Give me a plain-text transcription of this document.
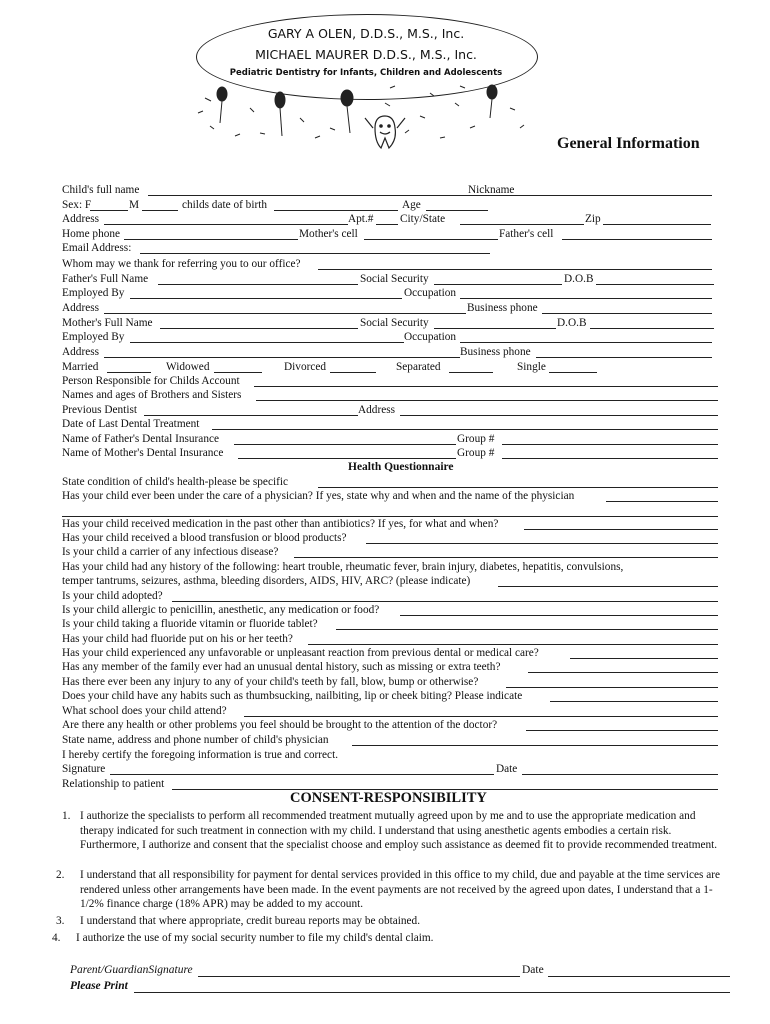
GARY A OLEN, D.D.S., M.S., Inc.
MICHAEL MAURER D.D.S., M.S., Inc.
Pediatric Dentistry for Infants, Children and Adolescents
General Information
Child's full name	Nickname
Sex: F	M	childs date of birth	Age
Address	Apt.# City/State	Zip
Home phone	Mother's cell	Father's cell
Email Address:
Whom may we thank for referring you to our office?
Father's Full Name	Social Security	D.O.B
Employed By	Occupation
Address	Business phone
Mother's Full Name	Social Security	D.O.B
Employed By	Occupation
Address	Business phone
Married	Widowed	Divorced	Separated	Single
Person Responsible for Childs Account
Names and ages of Brothers and Sisters
Previous Dentist	Address
Date of Last Dental Treatment
Name of Father's Dental Insurance	Group #
Name of Mother's Dental Insurance	Group #
Health Questionnaire
State condition of child's health-please be specific
Has your child ever been under the care of a physician? If yes, state why and when and the name of the physician
Has your child received medication in the past other than antibiotics? If yes, for what and when?
Has your child received a blood transfusion or blood products?
Is your child a carrier of any infectious disease?
Has your child had any history of the following: heart trouble, rheumatic fever, brain injury, diabetes, hepatitis, convulsions,
temper tantrums, seizures, asthma, bleeding disorders, AIDS, HIV, ARC? (please indicate)
Is your child adopted?
Is your child allergic to penicillin, anesthetic, any medication or food?
Is your child taking a fluoride vitamin or fluoride tablet?
Has your child had fluoride put on his or her teeth?
Has your child experienced any unfavorable or unpleasant reaction from previous dental or medical care?
Has any member of the family ever had an unusual dental history, such as missing or extra teeth?
Has there ever been any injury to any of your child's teeth by fall, blow, bump or otherwise?
Does your child have any habits such as thumbsucking, nailbiting, lip or cheek biting? Please indicate
What school does your child attend?
Are there any health or other problems you feel should be brought to the attention of the doctor?
State name, address and phone number of child's physician
I hereby certify the foregoing information is true and correct.
Signature	Date
Relationship to patient
CONSENT-RESPONSIBILITY
1. I authorize the specialists to perform all recommended treatment mutually agreed upon by me and to use the appropriate medication and therapy indicated for such treatment in connection with my child. I understand that using anesthetic agents embodies a certain risk. Furthermore, I authorize and consent that the specialist choose and employ such assistance as deemed fit to provide recommended treatment.
2. I understand that all responsibility for payment for dental services provided in this office to my child, due and payable at the time services are rendered unless other arrangements have been made. In the event payments are not received by the agreed upon dates, I understand that a 1-1/2% finance charge (18% APR) may be added to my account.
3. I understand that where appropriate, credit bureau reports may be obtained.
4. I authorize the use of my social security number to file my child's dental claim.
Parent/GuardianSignature	Date
Please Print
